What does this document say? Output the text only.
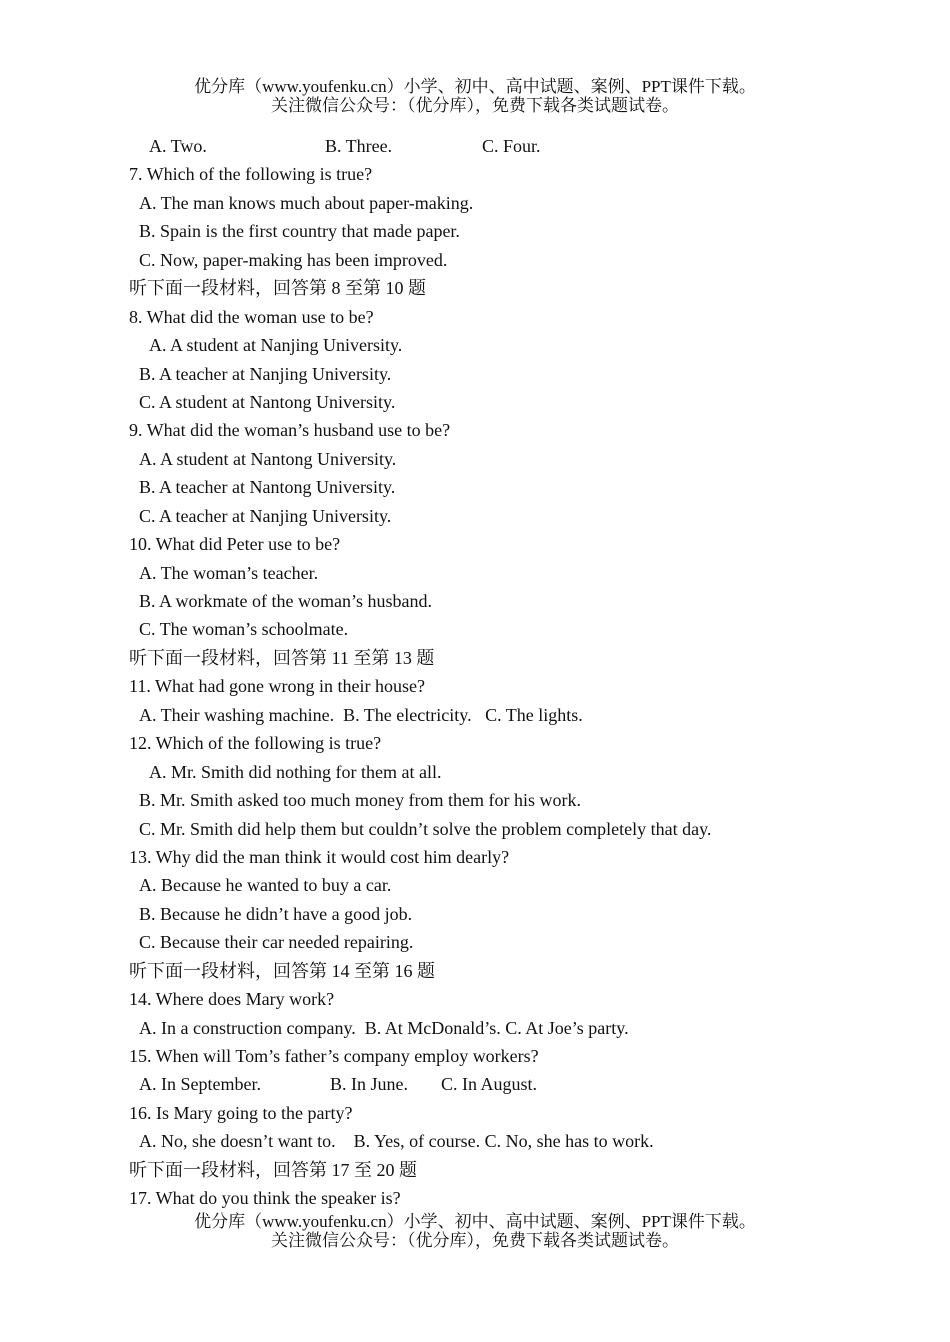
优分库（www.youfenku.cn）小学、初中、高中试题、案例、PPT课件下载。
关注微信公众号：（优分库），免费下载各类试题试卷。
A. Two.	B. Three.	C. Four.
7. Which of the following is true?
A. The man knows much about paper-making.
B. Spain is the first country that made paper.
C. Now, paper-making has been improved.
听下面一段材料，回答第 8 至第 10 题
8. What did the woman use to be?
A. A student at Nanjing University.
B. A teacher at Nanjing University.
C. A student at Nantong University.
9. What did the woman’s husband use to be?
A. A student at Nantong University.
B. A teacher at Nantong University.
C. A teacher at Nanjing University.
10. What did Peter use to be?
A. The woman’s teacher.
B. A workmate of the woman’s husband.
C. The woman’s schoolmate.
听下面一段材料，回答第 11 至第 13 题
11. What had gone wrong in their house?
A. Their washing machine.  B. The electricity.   C. The lights.
12. Which of the following is true?
A. Mr. Smith did nothing for them at all.
B. Mr. Smith asked too much money from them for his work.
C. Mr. Smith did help them but couldn’t solve the problem completely that day.
13. Why did the man think it would cost him dearly?
A. Because he wanted to buy a car.
B. Because he didn’t have a good job.
C. Because their car needed repairing.
听下面一段材料，回答第 14 至第 16 题
14. Where does Mary work?
A. In a construction company.  B. At McDonald’s. C. At Joe’s party.
15. When will Tom’s father’s company employ workers?
A. In September.	B. In June. C. In August.
16. Is Mary going to the party?
A. No, she doesn’t want to.    B. Yes, of course. C. No, she has to work.
听下面一段材料，回答第 17 至 20 题
17. What do you think the speaker is?
优分库（www.youfenku.cn）小学、初中、高中试题、案例、PPT课件下载。
关注微信公众号：（优分库），免费下载各类试题试卷。
